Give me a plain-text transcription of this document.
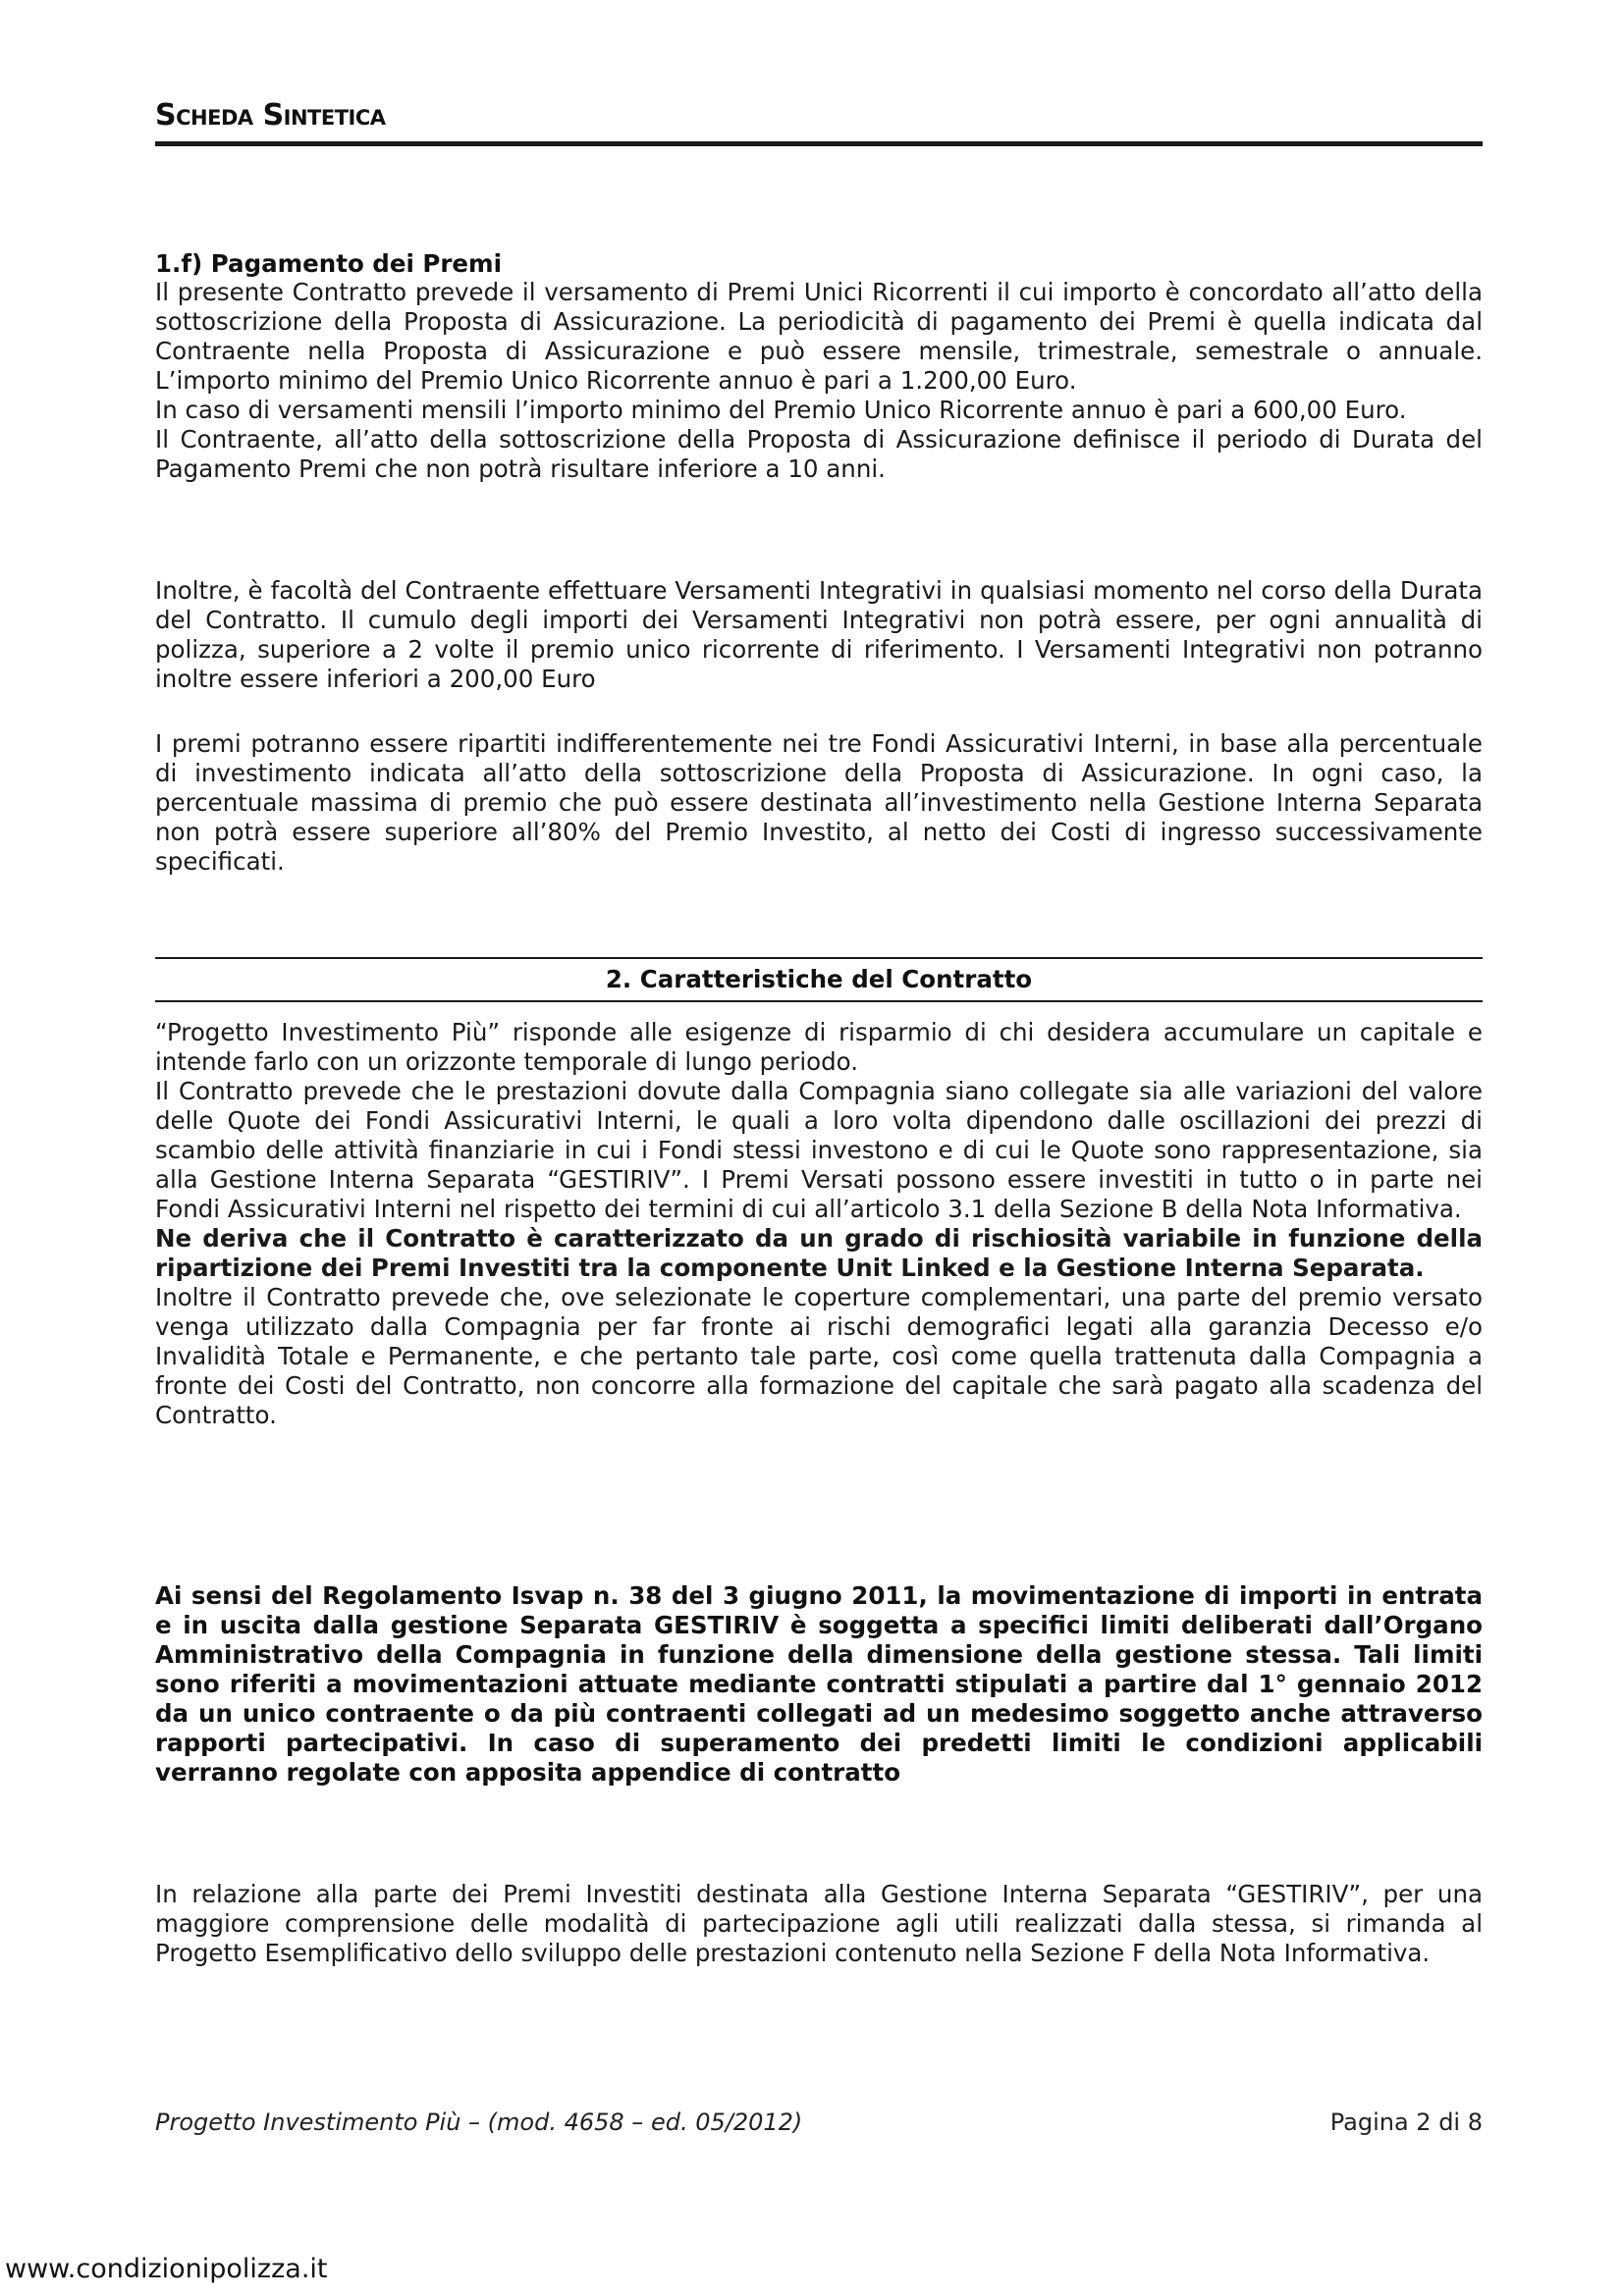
Scheda Sintetica
1.f) Pagamento dei Premi
Il presente Contratto prevede il versamento di Premi Unici Ricorrenti il cui importo è concordato all’atto della sottoscrizione della Proposta di Assicurazione. La periodicità di pagamento dei Premi è quella indicata dal Contraente nella Proposta di Assicurazione e può essere mensile, trimestrale, semestrale o annuale. L’importo minimo del Premio Unico Ricorrente annuo è pari a 1.200,00 Euro.
In caso di versamenti mensili l’importo minimo del Premio Unico Ricorrente annuo è pari a 600,00 Euro.
Il Contraente, all’atto della sottoscrizione della Proposta di Assicurazione definisce il periodo di Durata del Pagamento Premi che non potrà risultare inferiore a 10 anni.

Inoltre, è facoltà del Contraente effettuare Versamenti Integrativi in qualsiasi momento nel corso della Durata del Contratto. Il cumulo degli importi dei Versamenti Integrativi non potrà essere, per ogni annualità di polizza, superiore a 2 volte il premio unico ricorrente di riferimento. I Versamenti Integrativi non potranno inoltre essere inferiori a 200,00 Euro

I premi potranno essere ripartiti indifferentemente nei tre Fondi Assicurativi Interni, in base alla percentuale di investimento indicata all’atto della sottoscrizione della Proposta di Assicurazione. In ogni caso, la percentuale massima di premio che può essere destinata all’investimento nella Gestione Interna Separata non potrà essere superiore all’80% del Premio Investito, al netto dei Costi di ingresso successivamente specificati.

2. Caratteristiche del Contratto
“Progetto Investimento Più” risponde alle esigenze di risparmio di chi desidera accumulare un capitale e intende farlo con un orizzonte temporale di lungo periodo.
Il Contratto prevede che le prestazioni dovute dalla Compagnia siano collegate sia alle variazioni del valore delle Quote dei Fondi Assicurativi Interni, le quali a loro volta dipendono dalle oscillazioni dei prezzi di scambio delle attività finanziarie in cui i Fondi stessi investono e di cui le Quote sono rappresentazione, sia alla Gestione Interna Separata “GESTIRIV”. I Premi Versati possono essere investiti in tutto o in parte nei Fondi Assicurativi Interni nel rispetto dei termini di cui all’articolo 3.1 della Sezione B della Nota Informativa.
Ne deriva che il Contratto è caratterizzato da un grado di rischiosità variabile in funzione della ripartizione dei Premi Investiti tra la componente Unit Linked e la Gestione Interna Separata.
Inoltre il Contratto prevede che, ove selezionate le coperture complementari, una parte del premio versato venga utilizzato dalla Compagnia per far fronte ai rischi demografici legati alla garanzia Decesso e/o Invalidità Totale e Permanente, e che pertanto tale parte, così come quella trattenuta dalla Compagnia a fronte dei Costi del Contratto, non concorre alla formazione del capitale che sarà pagato alla scadenza del Contratto.

Ai sensi del Regolamento Isvap n. 38 del 3 giugno 2011, la movimentazione di importi in entrata e in uscita dalla gestione Separata GESTIRIV è soggetta a specifici limiti deliberati dall’Organo Amministrativo della Compagnia in funzione della dimensione della gestione stessa. Tali limiti sono riferiti a movimentazioni attuate mediante contratti stipulati a partire dal 1° gennaio 2012 da un unico contraente o da più contraenti collegati ad un medesimo soggetto anche attraverso rapporti partecipativi. In caso di superamento dei predetti limiti le condizioni applicabili verranno regolate con apposita appendice di contratto

In relazione alla parte dei Premi Investiti destinata alla Gestione Interna Separata “GESTIRIV”, per una maggiore comprensione delle modalità di partecipazione agli utili realizzati dalla stessa, si rimanda al Progetto Esemplificativo dello sviluppo delle prestazioni contenuto nella Sezione F della Nota Informativa.

Progetto Investimento Più – (mod. 4658 – ed. 05/2012)	Pagina 2 di 8
www.condizionipolizza.it
